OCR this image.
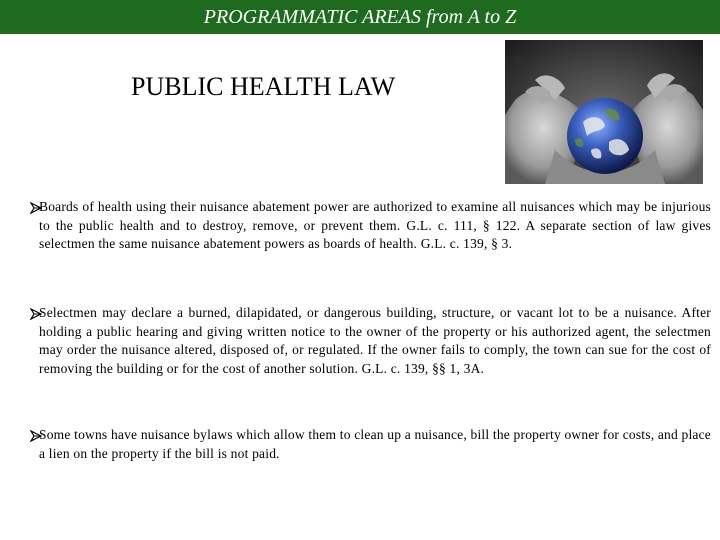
PROGRAMMATIC AREAS from A to Z
PUBLIC HEALTH LAW
Boards of health using their nuisance abatement power are authorized to examine all nuisances which may be injurious to the public health and to destroy, remove, or prevent them. G.L. c. 111, § 122. A separate section of law gives selectmen the same nuisance abatement powers as boards of health. G.L. c. 139, § 3.
Selectmen may declare a burned, dilapidated, or dangerous building, structure, or vacant lot to be a nuisance. After holding a public hearing and giving written notice to the owner of the property or his authorized agent, the selectmen may order the nuisance altered, disposed of, or regulated. If the owner fails to comply, the town can sue for the cost of removing the building or for the cost of another solution. G.L. c. 139, §§ 1, 3A.
Some towns have nuisance bylaws which allow them to clean up a nuisance, bill the property owner for costs, and place a lien on the property if the bill is not paid.
